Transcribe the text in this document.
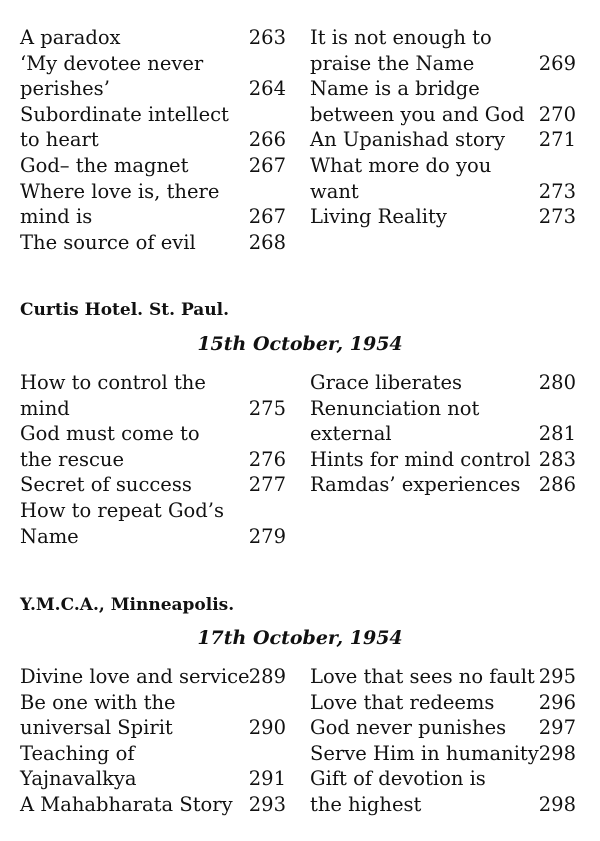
A paradox	263
‘My devotee never
perishes’	264
Subordinate intellect
to heart	266
God– the magnet	267
Where love is, there
mind is	267
The source of evil	268
It is not enough to
praise the Name	269
Name is a bridge
between you and God 270
An Upanishad story	271
What more do you
want	273
Living Reality	273
Curtis Hotel. St. Paul.
15th October, 1954
How to control the
mind	275
God must come to
the rescue	276
Secret of success	277
How to repeat God’s
Name	279
Grace liberates	280
Renunciation not
external	281
Hints for mind control 283
Ramdas’ experiences 286
Y.M.C.A., Minneapolis.
17th October, 1954
Divine love and service 289
Be one with the
universal Spirit	290
Teaching of
Yajnavalkya	291
A Mahabharata Story 293
Love that sees no fault 295
Love that redeems	296
God never punishes	297
Serve Him in humanity 298
Gift of devotion is
the highest	298
